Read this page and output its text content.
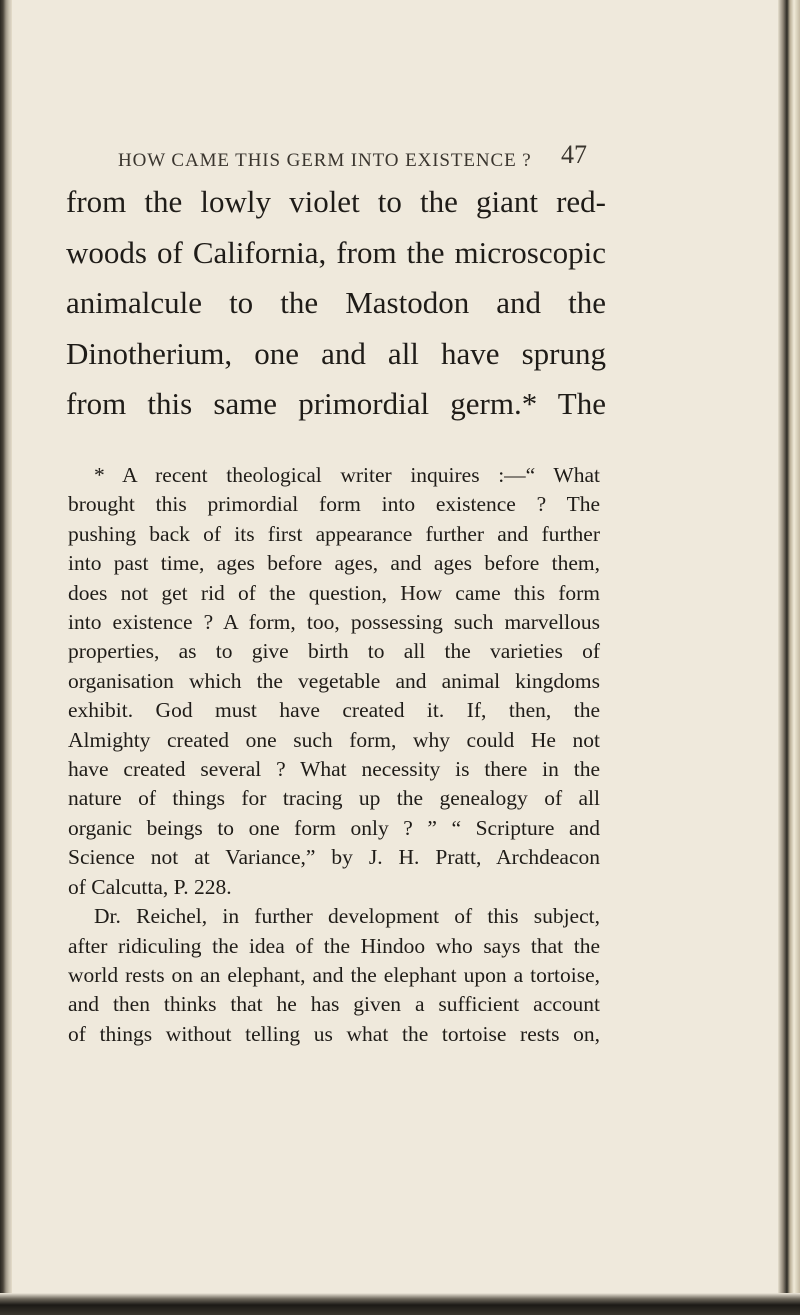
HOW CAME THIS GERM INTO EXISTENCE ? 47
from the lowly violet to the giant red-
woods of California, from the microscopic
animalcule to the Mastodon and the
Dinotherium, one and all have sprung
from this same primordial germ.* The
* A recent theological writer inquires :—“ What
brought this primordial form into existence ? The
pushing back of its first appearance further and further
into past time, ages before ages, and ages before them,
does not get rid of the question, How came this form
into existence ? A form, too, possessing such marvellous
properties, as to give birth to all the varieties of
organisation which the vegetable and animal kingdoms
exhibit. God must have created it. If, then, the
Almighty created one such form, why could He not
have created several ? What necessity is there in the
nature of things for tracing up the genealogy of all
organic beings to one form only ? ” “ Scripture and
Science not at Variance,” by J. H. Pratt, Archdeacon
of Calcutta, P. 228.
Dr. Reichel, in further development of this subject,
after ridiculing the idea of the Hindoo who says that the
world rests on an elephant, and the elephant upon a tortoise,
and then thinks that he has given a sufficient account
of things without telling us what the tortoise rests on,
